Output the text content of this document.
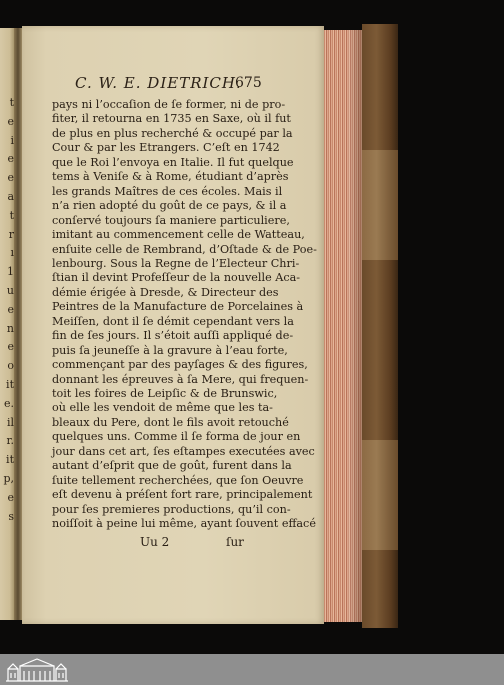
t
e
i
e
e
a
t
r
ı
1
u
e
n
e
o
it
e.
il
r.
it
p,
e
s
C. W. E. DIETRICH.
675
pays ni l’occaſion de ſe former, ni de pro-
fiter, il retourna en 1735 en Saxe, où il fut
de plus en plus recherché & occupé par la
Cour & par les Etrangers. C’eſt en 1742
que le Roi l’envoya en Italie. Il fut quelque
tems à Veniſe & à Rome, étudiant d’après
les grands Maîtres de ces écoles. Mais il
n’a rien adopté du goût de ce pays, & il a
conſervé toujours ſa maniere particuliere,
imitant au commencement celle de Watteau,
enſuite celle de Rembrand, d’Oſtade & de Poe-
lenbourg. Sous la Regne de l’Electeur Chri-
ſtian il devint Profeſſeur de la nouvelle Aca-
démie érigée à Dresde, & Directeur des
Peintres de la Manufacture de Porcelaines à
Meiſſen, dont il ſe démit cependant vers la
fin de ſes jours. Il s’étoit auſſi appliqué de-
puis ſa jeuneſſe à la gravure à l’eau forte,
commençant par des payſages & des figures,
donnant les épreuves à ſa Mere, qui frequen-
toit les foires de Leipſic & de Brunswic,
où elle les vendoit de même que les ta-
bleaux du Pere, dont le fils avoit retouché
quelques uns. Comme il ſe forma de jour en
jour dans cet art, ſes eſtampes executées avec
autant d’eſprit que de goût, furent dans la
ſuite tellement recherchées, que ſon Oeuvre
eſt devenu à préſent fort rare, principalement
pour ſes premieres productions, qu’il con-
noiſſoit à peine lui même, ayant ſouvent effacé
Uu 2	ſur
